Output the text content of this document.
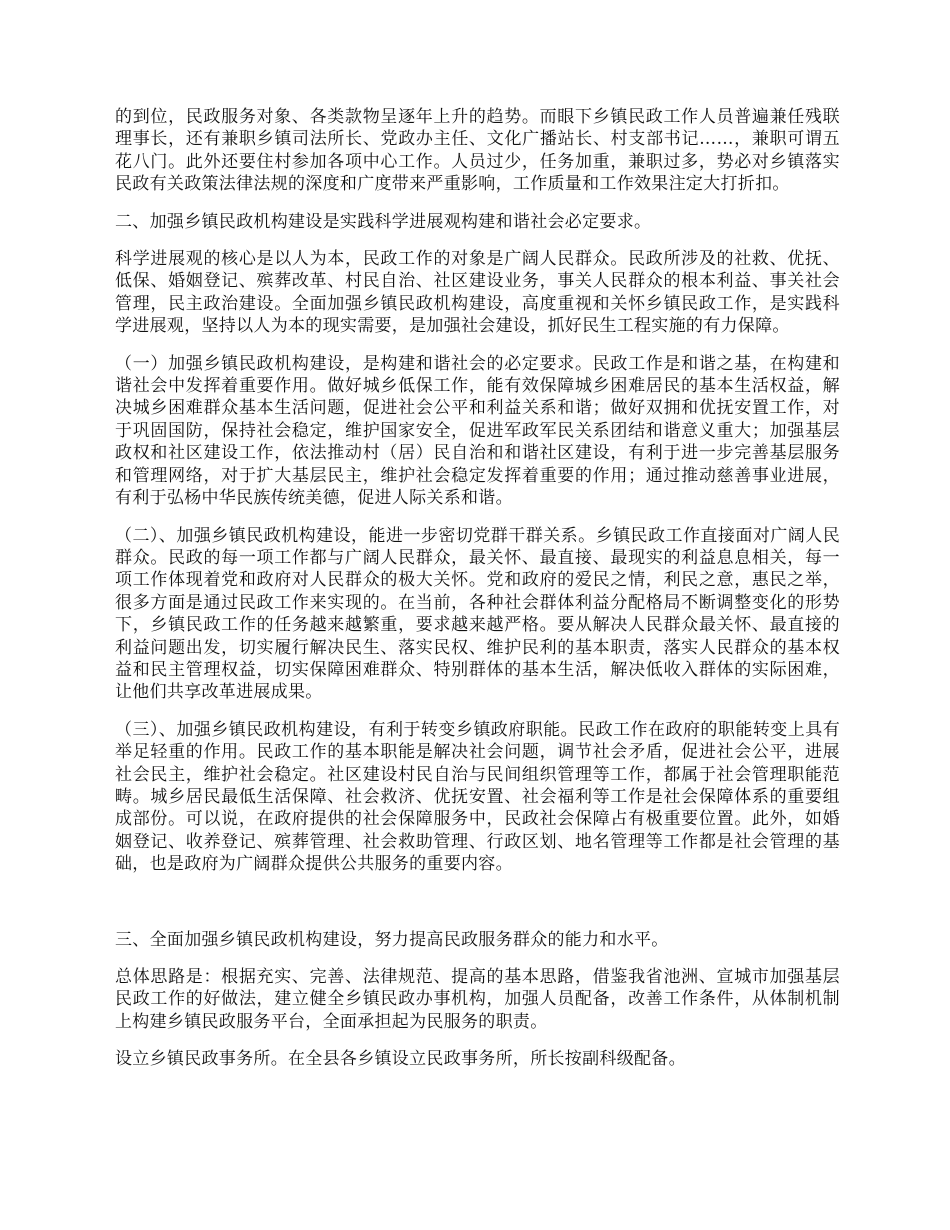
的到位，民政服务对象、各类款物呈逐年上升的趋势。而眼下乡镇民政工作人员普遍兼任残联理事长，还有兼职乡镇司法所长、党政办主任、文化广播站长、村支部书记……，兼职可谓五花八门。此外还要住村参加各项中心工作。人员过少，任务加重，兼职过多，势必对乡镇落实民政有关政策法律法规的深度和广度带来严重影响，工作质量和工作效果注定大打折扣。

二、加强乡镇民政机构建设是实践科学进展观构建和谐社会必定要求。

科学进展观的核心是以人为本，民政工作的对象是广阔人民群众。民政所涉及的社救、优抚、低保、婚姻登记、殡葬改革、村民自治、社区建设业务，事关人民群众的根本利益、事关社会管理，民主政治建设。全面加强乡镇民政机构建设，高度重视和关怀乡镇民政工作，是实践科学进展观，坚持以人为本的现实需要，是加强社会建设，抓好民生工程实施的有力保障。

（一）加强乡镇民政机构建设，是构建和谐社会的必定要求。民政工作是和谐之基，在构建和谐社会中发挥着重要作用。做好城乡低保工作，能有效保障城乡困难居民的基本生活权益，解决城乡困难群众基本生活问题，促进社会公平和利益关系和谐；做好双拥和优抚安置工作，对于巩固国防，保持社会稳定，维护国家安全，促进军政军民关系团结和谐意义重大；加强基层政权和社区建设工作，依法推动村（居）民自治和和谐社区建设，有利于进一步完善基层服务和管理网络，对于扩大基层民主，维护社会稳定发挥着重要的作用；通过推动慈善事业进展，有利于弘杨中华民族传统美德，促进人际关系和谐。

（二）、加强乡镇民政机构建设，能进一步密切党群干群关系。乡镇民政工作直接面对广阔人民群众。民政的每一项工作都与广阔人民群众，最关怀、最直接、最现实的利益息息相关，每一项工作体现着党和政府对人民群众的极大关怀。党和政府的爱民之情，利民之意，惠民之举，很多方面是通过民政工作来实现的。在当前，各种社会群体利益分配格局不断调整变化的形势下，乡镇民政工作的任务越来越繁重，要求越来越严格。要从解决人民群众最关怀、最直接的利益问题出发，切实履行解决民生、落实民权、维护民利的基本职责，落实人民群众的基本权益和民主管理权益，切实保障困难群众、特别群体的基本生活，解决低收入群体的实际困难，让他们共享改革进展成果。

（三）、加强乡镇民政机构建设，有利于转变乡镇政府职能。民政工作在政府的职能转变上具有举足轻重的作用。民政工作的基本职能是解决社会问题，调节社会矛盾，促进社会公平，进展社会民主，维护社会稳定。社区建设村民自治与民间组织管理等工作，都属于社会管理职能范畴。城乡居民最低生活保障、社会救济、优抚安置、社会福利等工作是社会保障体系的重要组成部份。可以说，在政府提供的社会保障服务中，民政社会保障占有极重要位置。此外，如婚姻登记、收养登记、殡葬管理、社会救助管理、行政区划、地名管理等工作都是社会管理的基础，也是政府为广阔群众提供公共服务的重要内容。

三、全面加强乡镇民政机构建设，努力提高民政服务群众的能力和水平。

总体思路是：根据充实、完善、法律规范、提高的基本思路，借鉴我省池洲、宣城市加强基层民政工作的好做法，建立健全乡镇民政办事机构，加强人员配备，改善工作条件，从体制机制上构建乡镇民政服务平台，全面承担起为民服务的职责。

设立乡镇民政事务所。在全县各乡镇设立民政事务所，所长按副科级配备。
